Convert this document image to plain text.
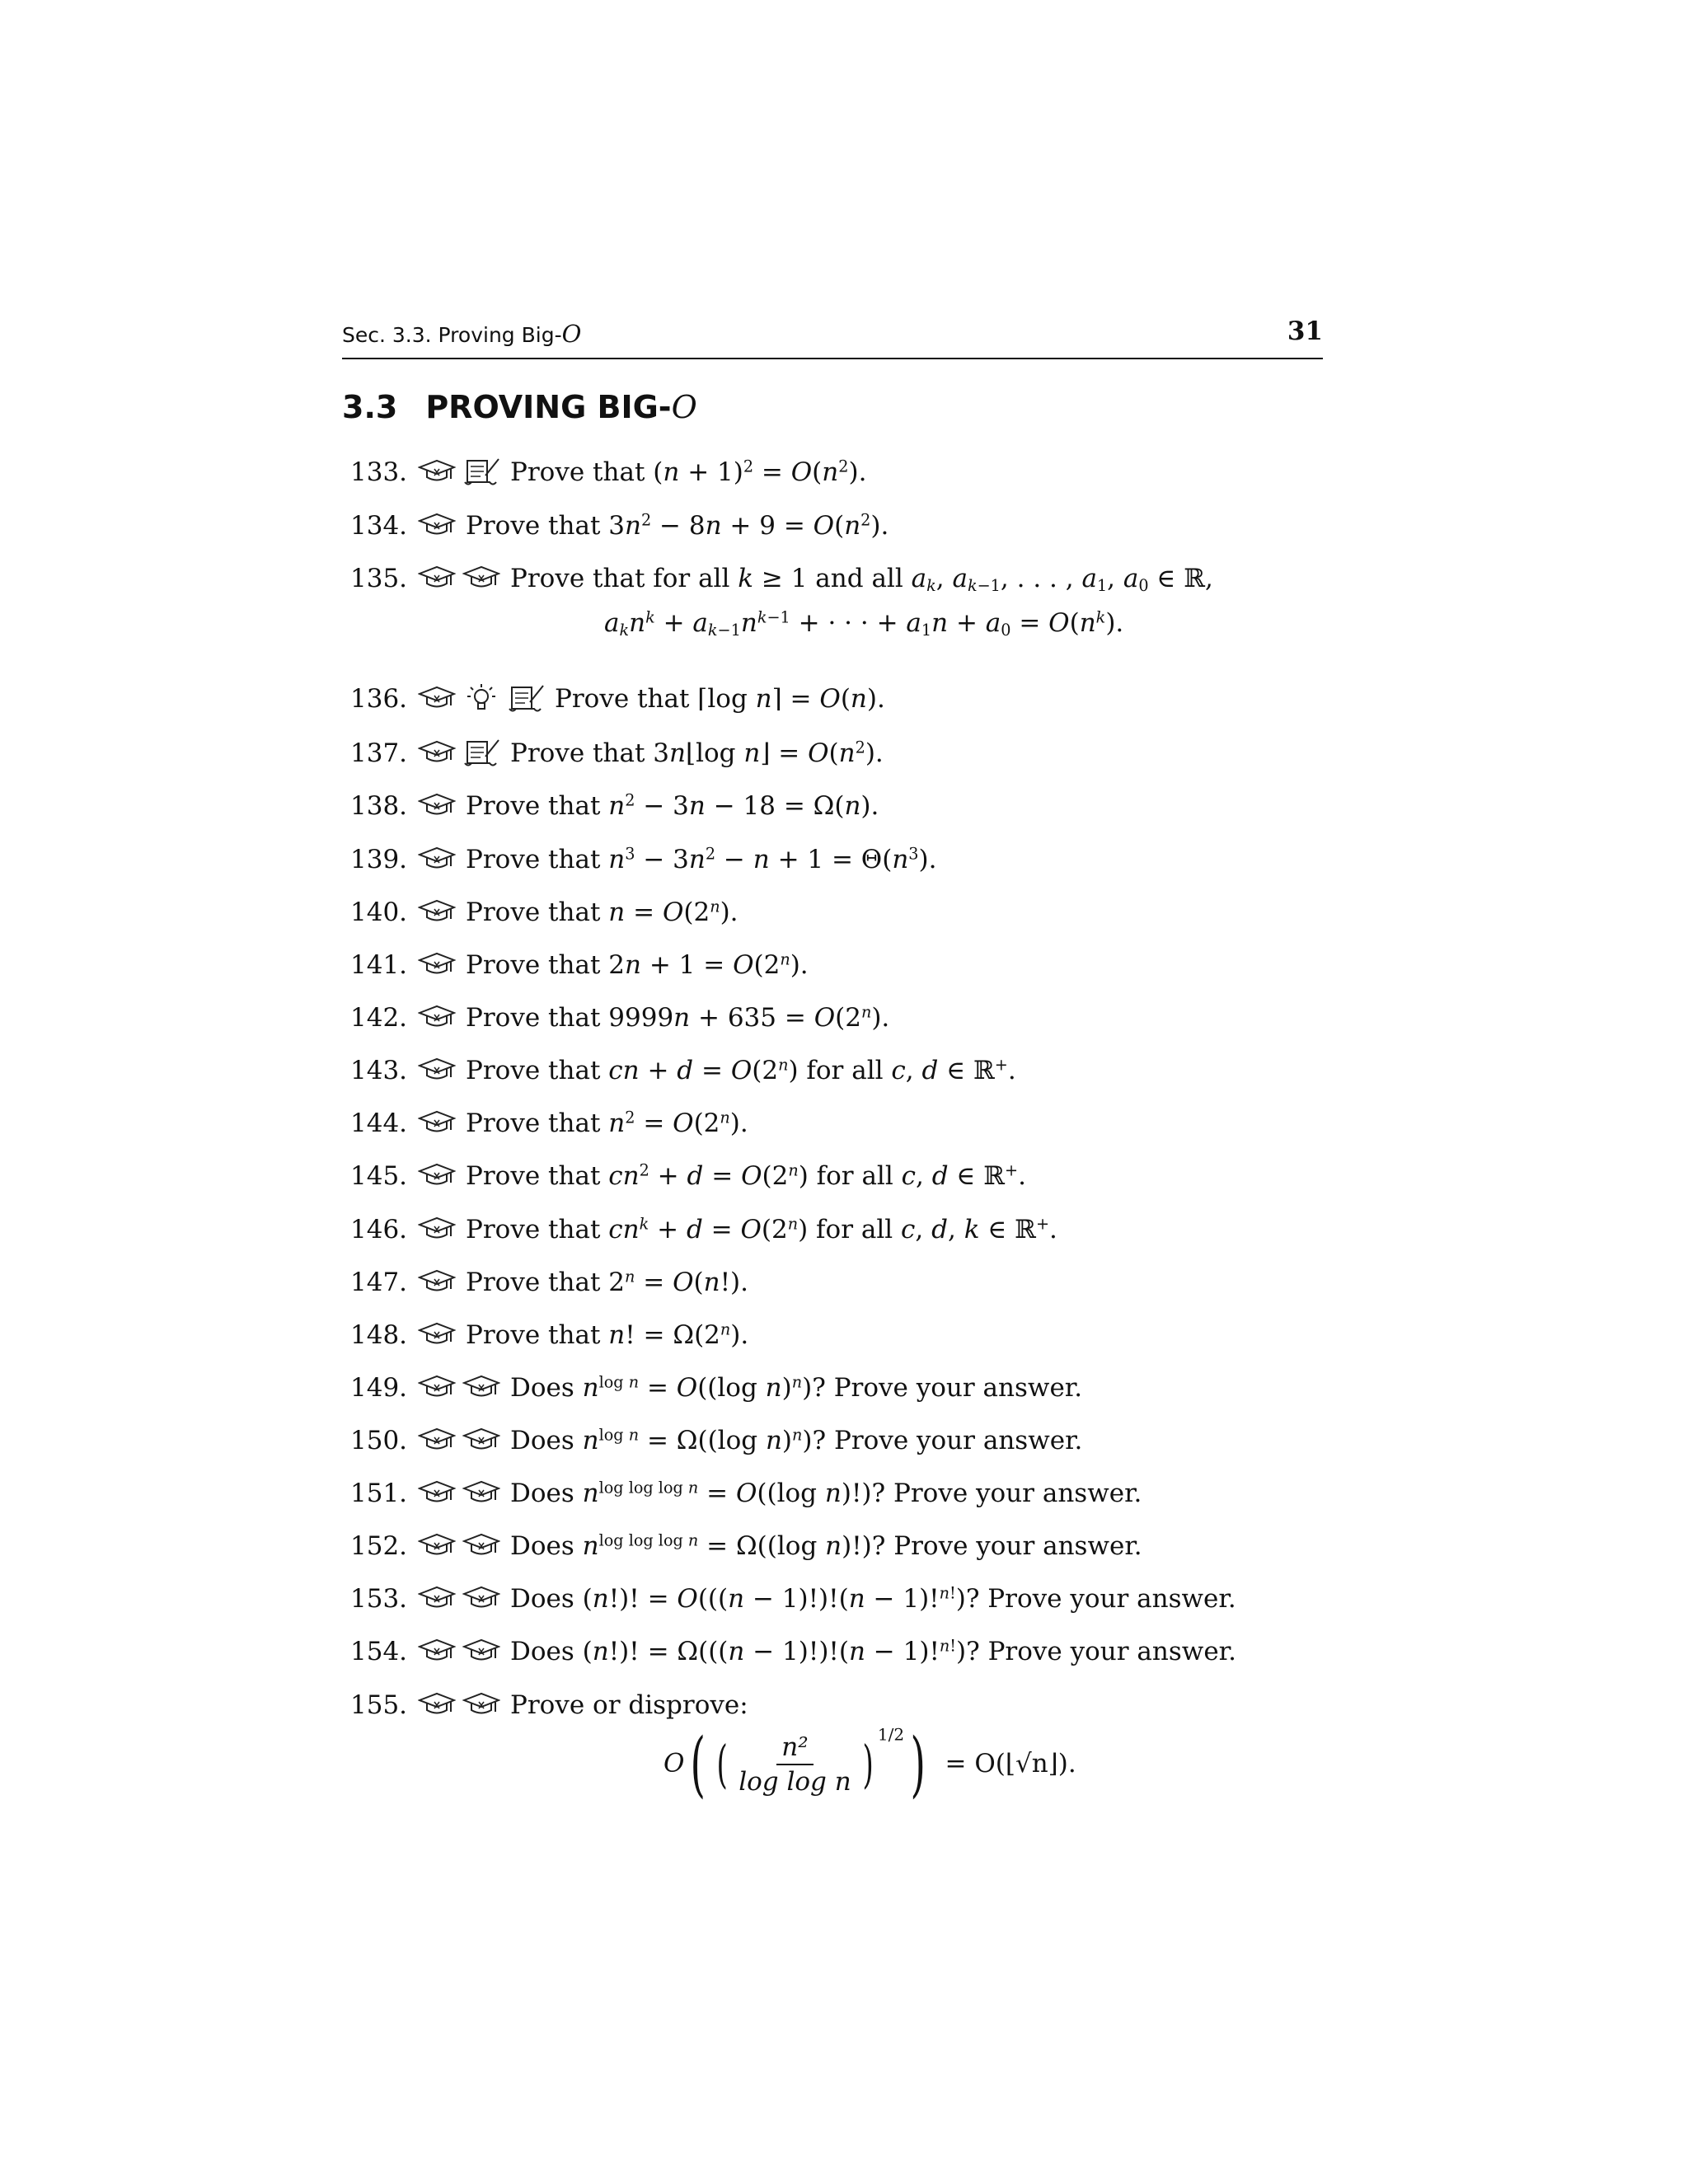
Sec. 3.3. Proving Big-O	31
3.3 PROVING BIG-O
133.	Prove that $(n + 1)^2 = O(n^2)$.
134.	Prove that $3n^2 - 8n + 9 = O(n^2)$.
135.	Prove that for all k ≥ 1 and all $a_k$, $a_{k-1}$, . . . , $a_1$, $a_0$ ∈ ℝ,
136.	Prove that ⌈log n⌉ = O(n).
137.	Prove that 3n⌊log n⌋ = $O(n^2)$.
138.	Prove that $n^2 - 3n - 18 = \Omega(n)$.
139.	Prove that $n^3 - 3n^2 - n + 1 = \Theta(n^3)$.
140.	Prove that $n = O(2^n)$.
141.	Prove that $2n + 1 = O(2^n)$.
142.	Prove that $9999n + 635 = O(2^n)$.
143.	Prove that cn + $d = O(2^n)$ for all c, d ∈ ℝ+.
144.	Prove that $n^2 = O(2^n)$.
145.	Prove that $cn^2 + d = O(2^n)$ for all c, d ∈ ℝ+.
146.	Prove that $cn^k + d = O(2^n)$ for all c, d, k ∈ ℝ+.
147.	Prove that $2^n = O(n!)$.
148.	Prove that n! = $\Omega(2^n)$.
149.	Does $n^{log n} = O((\log$ n)$^n$)? Prove your answer.
150.	Does $n^{log n} = \Omega((\log$ n)$^n$)? Prove your answer.
151.	Does $n^{log log log n} = O((\log$ n)!)? Prove your answer.
152.	Does $n^{log log log n} = \Omega((\log$ n)!)? Prove your answer.
153.	Does (n!)! = O(((n − 1)!)!(n − 1)!$^{n!}$)? Prove your answer.
154.	Does (n!)! = Ω(((n − 1)!)!(n − 1)!$^{n!}$)? Prove your answer.
155.	Prove or disprove:
$a_kn^k + a_{k-1}n^{k-1}$ + · · · + $a_1n + a_0 = O(n^k)$.
O( ( $\frac{\text{n²}}{\text{log log n}}$ ) $^{1/2}$) = O(⌊√n⌋).
